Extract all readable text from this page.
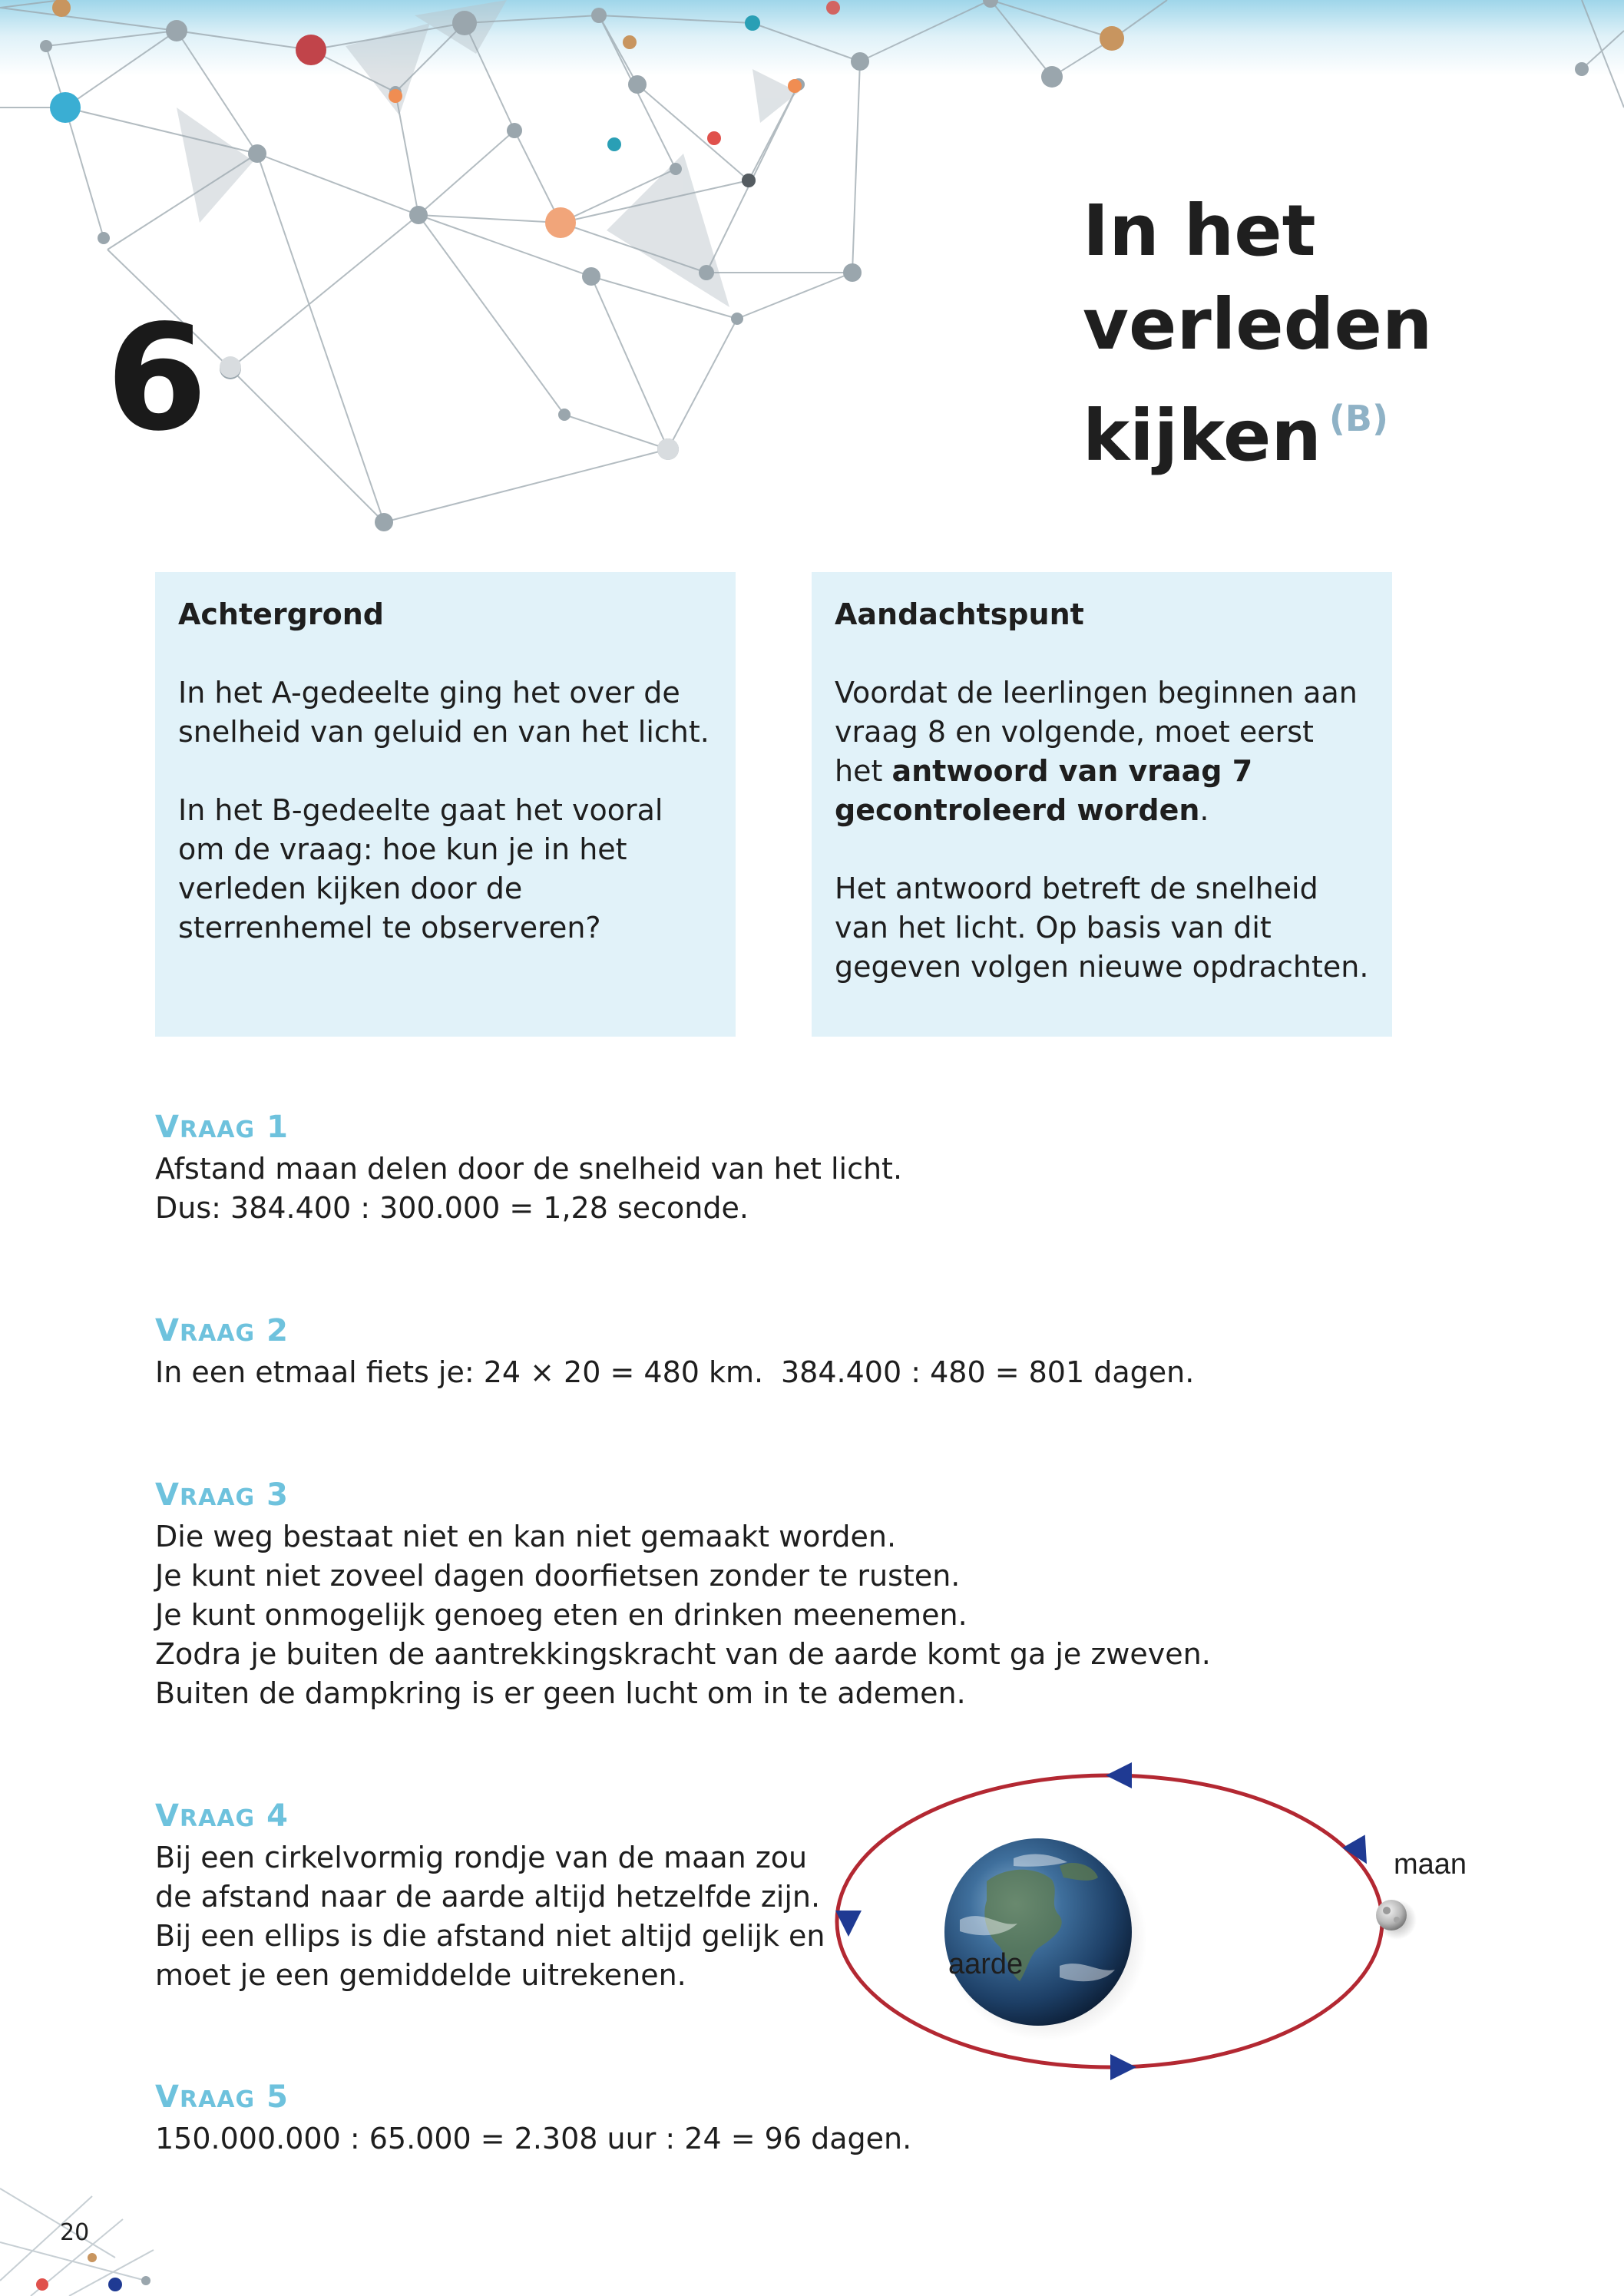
6
In het
verleden
kijken $^{(B)}$
Achtergrond

In het A-gedeelte ging het over de snelheid van geluid en van het licht.

In het B-gedeelte gaat het vooral om de vraag: hoe kun je in het verleden kijken door de sterrenhemel te observeren?

Aandachtspunt

Voordat de leerlingen beginnen aan vraag 8 en volgende, moet eerst het antwoord van vraag 7 gecontroleerd worden.

Het antwoord betreft de snelheid van het licht. Op basis van dit gegeven volgen nieuwe opdrachten.

VRAAG 1

Afstand maan delen door de snelheid van het licht.
Dus: 384.400 : 300.000 = 1,28 seconde.

VRAAG 2

In een etmaal fiets je: 24 × 20 = 480 km. 384.400 : 480 = 801 dagen.

VRAAG 3

Die weg bestaat niet en kan niet gemaakt worden.
Je kunt niet zoveel dagen doorfietsen zonder te rusten.
Je kunt onmogelijk genoeg eten en drinken meenemen.
Zodra je buiten de aantrekkingskracht van de aarde komt ga je zweven.
Buiten de dampkring is er geen lucht om in te ademen.

VRAAG 4

Bij een cirkelvormig rondje van de maan zou
de afstand naar de aarde altijd hetzelfde zijn.
Bij een ellips is die afstand niet altijd gelijk en
moet je een gemiddelde uitrekenen.

VRAAG 5

150.000.000 : 65.000 = 2.308 uur : 24 = 96 dagen.

aarde
maan
20
